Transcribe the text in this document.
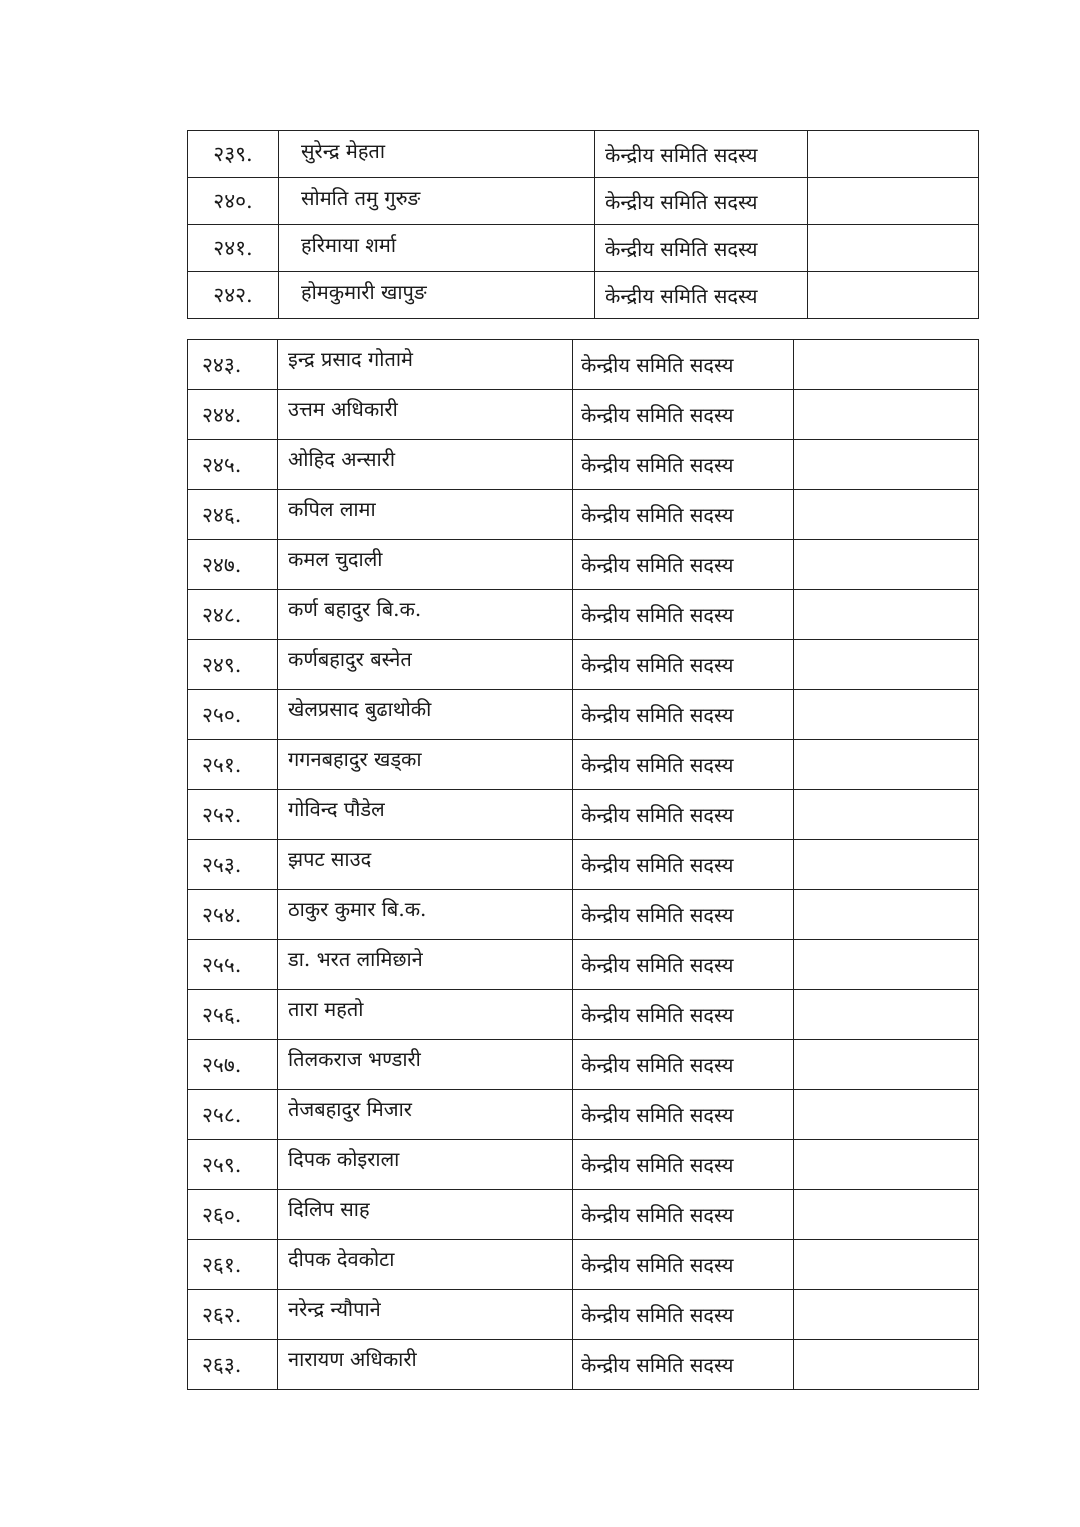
२३९.	सुरेन्द्र मेहता	केन्द्रीय समिति सदस्य	
२४०.	सोमति तमु गुरुङ	केन्द्रीय समिति सदस्य	
२४१.	हरिमाया शर्मा	केन्द्रीय समिति सदस्य	
२४२.	होमकुमारी खापुङ	केन्द्रीय समिति सदस्य	
२४३.	इन्द्र प्रसाद गोतामे	केन्द्रीय समिति सदस्य	
२४४.	उत्तम अधिकारी	केन्द्रीय समिति सदस्य	
२४५.	ओहिद अन्सारी	केन्द्रीय समिति सदस्य	
२४६.	कपिल लामा	केन्द्रीय समिति सदस्य	
२४७.	कमल चुदाली	केन्द्रीय समिति सदस्य	
२४८.	कर्ण बहादुर बि.क.	केन्द्रीय समिति सदस्य	
२४९.	कर्णबहादुर बस्नेत	केन्द्रीय समिति सदस्य	
२५०.	खेलप्रसाद बुढाथोकी	केन्द्रीय समिति सदस्य	
२५१.	गगनबहादुर खड्का	केन्द्रीय समिति सदस्य	
२५२.	गोविन्द पौडेल	केन्द्रीय समिति सदस्य	
२५३.	झपट साउद	केन्द्रीय समिति सदस्य	
२५४.	ठाकुर कुमार बि.क.	केन्द्रीय समिति सदस्य	
२५५.	डा. भरत लामिछाने	केन्द्रीय समिति सदस्य	
२५६.	तारा महतो	केन्द्रीय समिति सदस्य	
२५७.	तिलकराज भण्डारी	केन्द्रीय समिति सदस्य	
२५८.	तेजबहादुर मिजार	केन्द्रीय समिति सदस्य	
२५९.	दिपक कोइराला	केन्द्रीय समिति सदस्य	
२६०.	दिलिप साह	केन्द्रीय समिति सदस्य	
२६१.	दीपक देवकोटा	केन्द्रीय समिति सदस्य	
२६२.	नरेन्द्र न्यौपाने	केन्द्रीय समिति सदस्य	
२६३.	नारायण अधिकारी	केन्द्रीय समिति सदस्य	
